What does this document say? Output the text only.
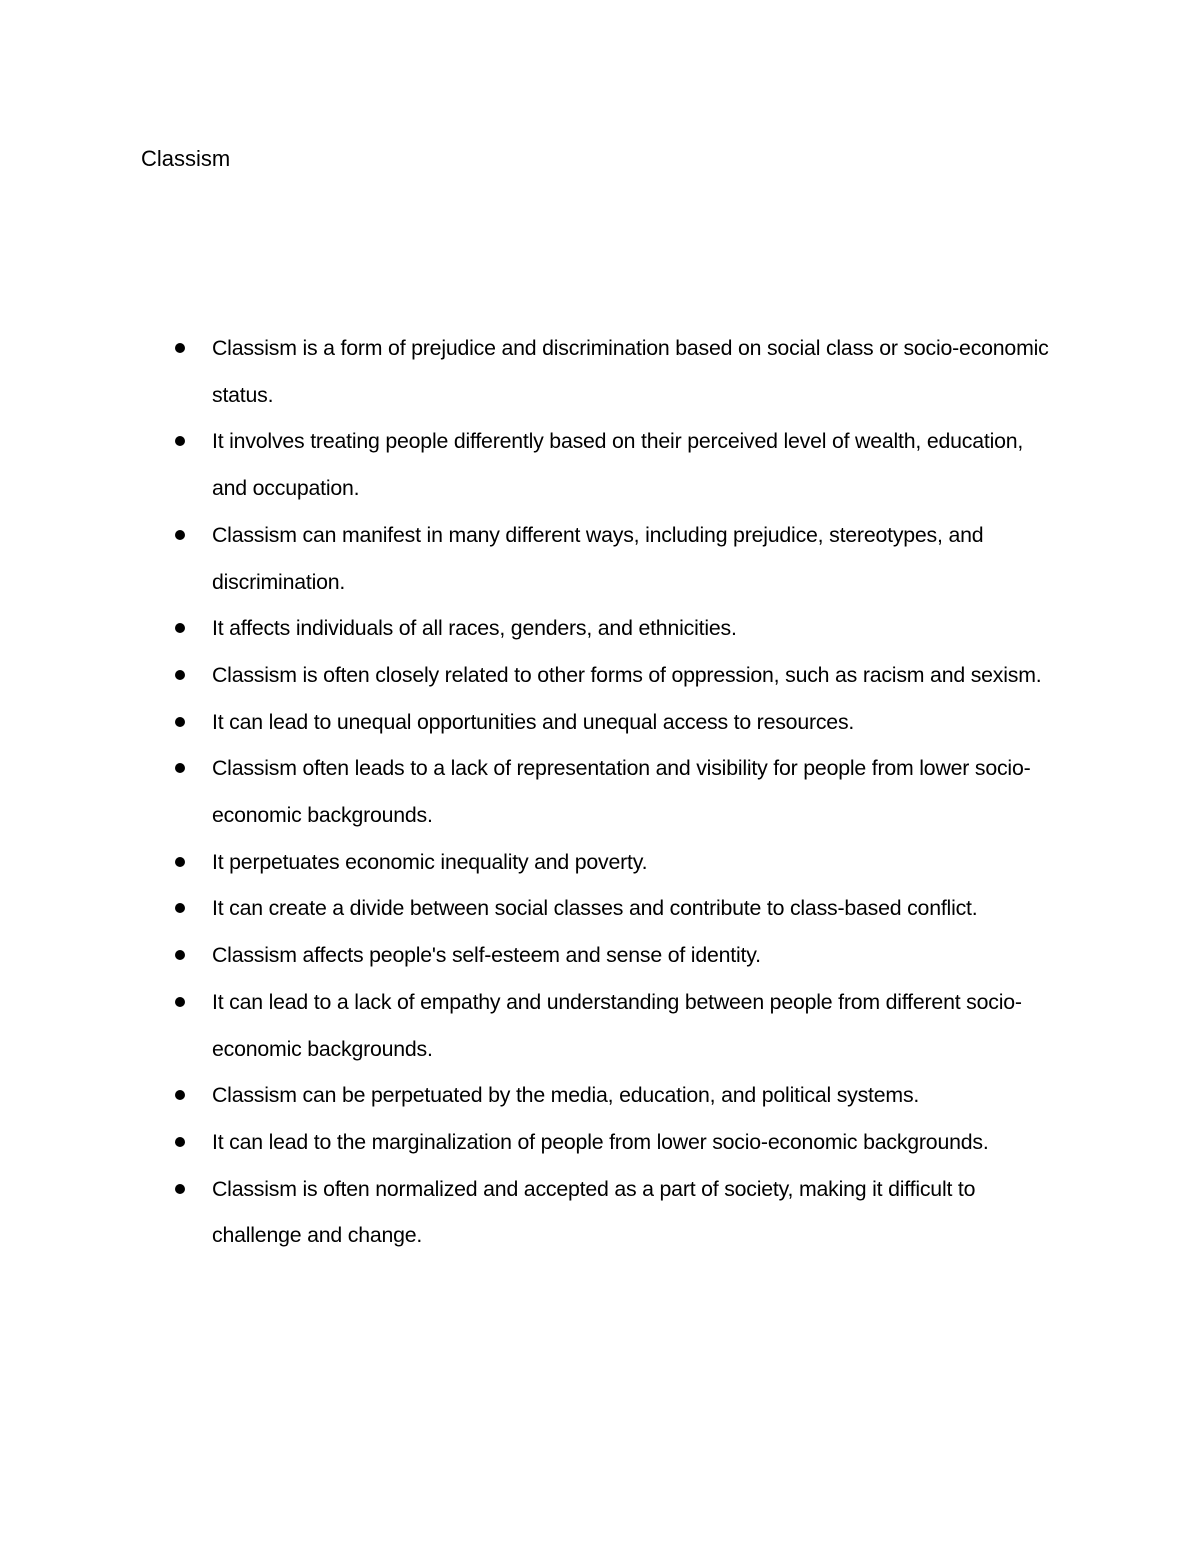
Classism
Classism is a form of prejudice and discrimination based on social class or socio-economic status.
It involves treating people differently based on their perceived level of wealth, education, and occupation.
Classism can manifest in many different ways, including prejudice, stereotypes, and discrimination.
It affects individuals of all races, genders, and ethnicities.
Classism is often closely related to other forms of oppression, such as racism and sexism.
It can lead to unequal opportunities and unequal access to resources.
Classism often leads to a lack of representation and visibility for people from lower socio-economic backgrounds.
It perpetuates economic inequality and poverty.
It can create a divide between social classes and contribute to class-based conflict.
Classism affects people's self-esteem and sense of identity.
It can lead to a lack of empathy and understanding between people from different socio-economic backgrounds.
Classism can be perpetuated by the media, education, and political systems.
It can lead to the marginalization of people from lower socio-economic backgrounds.
Classism is often normalized and accepted as a part of society, making it difficult to challenge and change.
